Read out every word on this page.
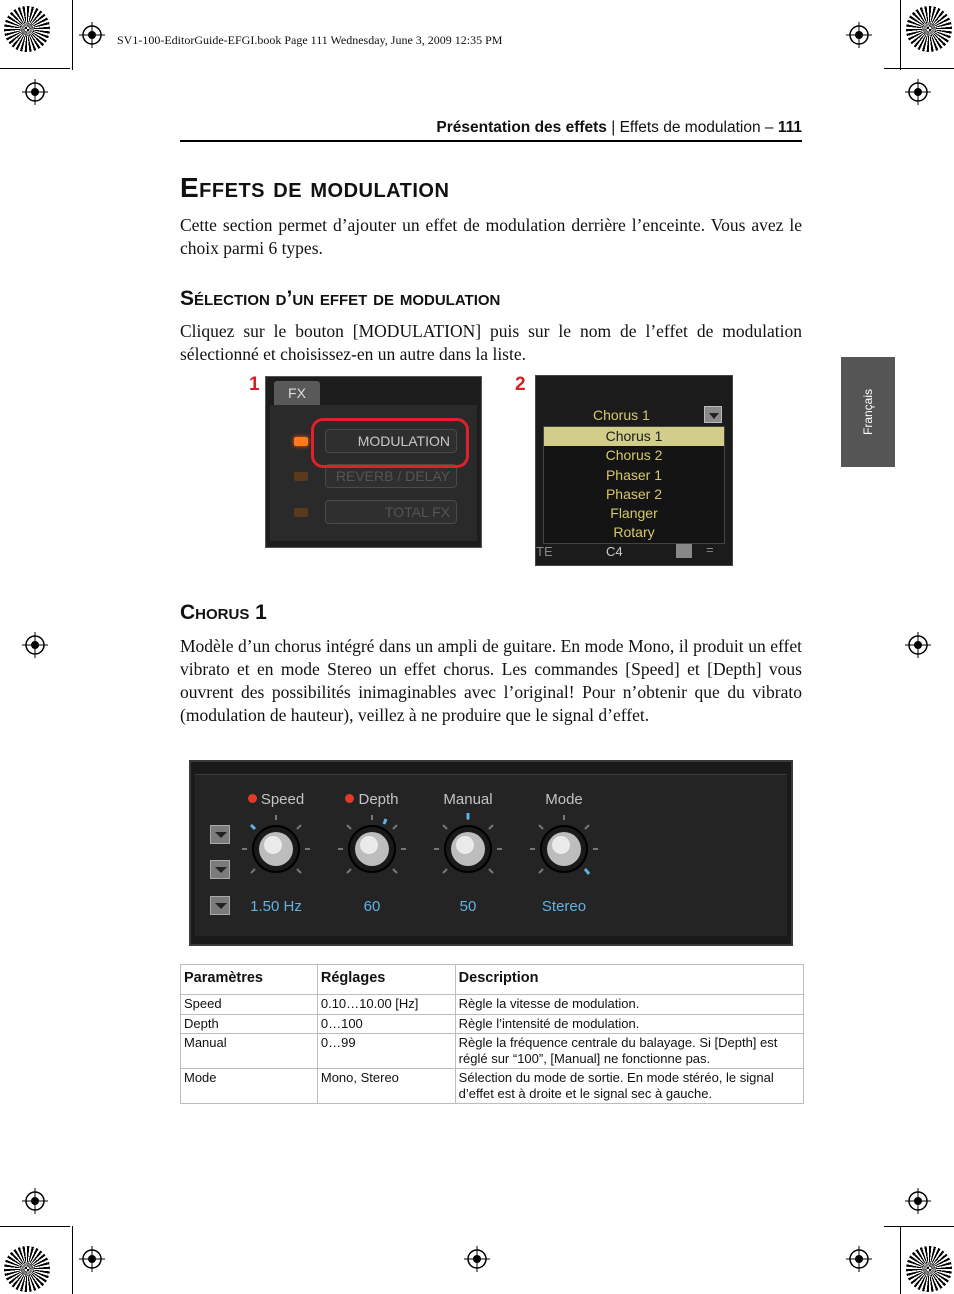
SV1-100-EditorGuide-EFGI.book Page 111 Wednesday, June 3, 2009 12:35 PM
Présentation des effets | Effets de modulation – 111
Français
Effets de modulation

Cette section permet d’ajouter un effet de modulation derrière l’enceinte. Vous avez le choix parmi 6 types.

Sélection d’un effet de modulation

Cliquez sur le bouton [MODULATION] puis sur le nom de l’effet de modulation sélectionné et choisissez-en un autre dans la liste.

1	2
FX
MODULATION
REVERB / DELAY
TOTAL FX
Chorus 1
Chorus 1
Chorus 2
Phaser 1
Phaser 2
Flanger
Rotary
TE	C4	=
Chorus 1

Modèle d’un chorus intégré dans un ampli de guitare. En mode Mono, il produit un effet vibrato et en mode Stereo un effet chorus. Les commandes [Speed] et [Depth] vous ouvrent des possibilités inimaginables avec l’original! Pour n’obtenir que du vibrato (modulation de hauteur), veillez à ne produire que le signal d’effet.

Speed
1.50 Hz
Depth
60
Manual
50
Mode
Stereo
Paramètres	Réglages	Description
Speed	0.10…10.00 [Hz]	Règle la vitesse de modulation.
Depth	0…100	Règle l’intensité de modulation.
Manual	0…99	Règle la fréquence centrale du balayage. Si [Depth] est réglé sur “100”, [Manual] ne fonctionne pas.
Mode	Mono, Stereo	Sélection du mode de sortie. En mode stéréo, le signal d’effet est à droite et le signal sec à gauche.
